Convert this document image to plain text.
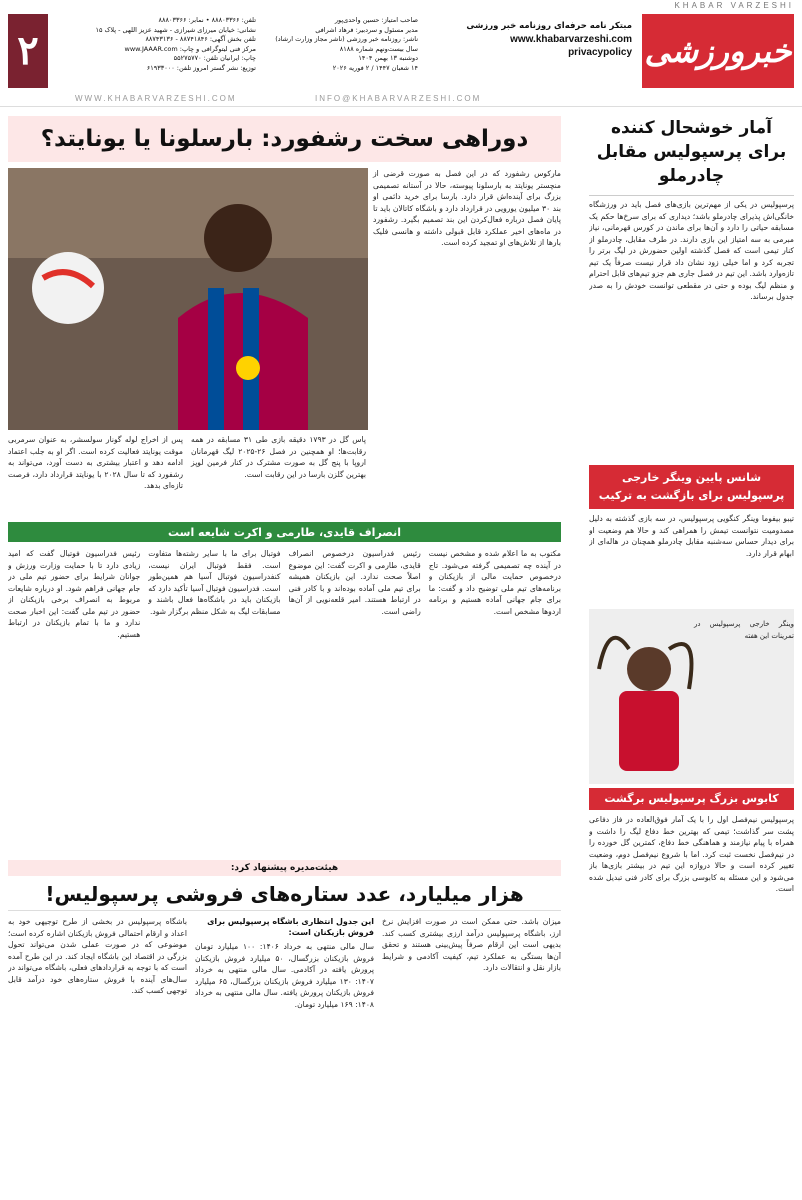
KHABAR VARZESHI
خبرورزشی
مبتکر نامه حرفه‌ای روزنامه خبر ورزشی
www.khabarvarzeshi.com
privacypolicy
صاحب امتیاز: حسین واحدی‌پور
مدیر مسئول و سردبیر: فرهاد اشرافی
ناشر: روزنامه خبر ورزشی (ناشر مجاز وزارت ارشاد)
سال بیست‌ونهم شماره ۸۱۸۸
دوشنبه ۱۳ بهمن ۱۴۰۴
۱۴ شعبان ۱۴۴۷ / ۲ فوریه ۲۰۲۶
تلفن: ۸۸۸۰۳۳۶۶ • نمابر: ۸۸۸۰۳۳۶۶
نشانی: خیابان میرزای شیرازی - شهید عزیز اللهی - پلاک ۱۵
تلفن بخش آگهی: ۸۸۷۴۱۸۴۶ - ۸۸۷۴۳۱۳۶
مرکز فنی لیتوگرافی و چاپ: www.JAAAR.com
چاپ: ایرانیان تلفن: ۵۵۲۷۵۷۷۰
توزیع: نشر گستر امروز تلفن: ۶۱۹۳۳۰۰۰
۲
WWW.KHABARVARZESHI.COM	INFO@KHABARVARZESHI.COM
آمار خوشحال کننده برای پرسپولیس مقابل چادرملو
پرسپولیس در یکی از مهم‌ترین بازی‌های فصل باید در ورزشگاه خانگی‌اش پذیرای چادرملو باشد؛ دیداری که برای سرخ‌ها حکم یک مسابقه حیاتی را دارد و آن‌ها برای ماندن در کورس قهرمانی، نیاز مبرمی به سه امتیاز این بازی دارند. در طرف مقابل، چادرملو از کنار تیمی است که فصل گذشته اولین حضورش در لیگ برتر را تجربه کرد و اما خیلی زود نشان داد قرار نیست صرفاً یک تیم تازه‌وارد باشد. این تیم در فصل جاری هم جزو تیم‌های قابل احترام و منظم لیگ بوده و حتی در مقطعی توانست خودش را به صدر جدول برساند.
شانس پایین وینگر خارجی پرسپولیس برای بازگشت به ترکیب
تیبو بیفوما وینگر کنگویی پرسپولیس، در سه بازی گذشته به دلیل مصدومیت نتوانست تیمش را همراهی کند و حالا هم وضعیت او برای دیدار حساس سه‌شنبه مقابل چادرملو همچنان در هاله‌ای از ابهام قرار دارد.
وینگر خارجی پرسپولیس در تمرینات این هفته
کابوس بزرگ پرسپولیس برگشت
پرسپولیس نیم‌فصل اول را با یک آمار فوق‌العاده در فاز دفاعی پشت سر گذاشت؛ تیمی که بهترین خط دفاع لیگ را داشت و همراه با پیام نیازمند و هماهنگی خط دفاع، کمترین گل خورده را در نیم‌فصل نخست ثبت کرد. اما با شروع نیم‌فصل دوم، وضعیت تغییر کرده است و حالا دروازه این تیم در بیشتر بازی‌ها باز می‌شود و این مسئله به کابوسی بزرگ برای کادر فنی تبدیل شده است.
دوراهی سخت رشفورد: بارسلونا یا یونایتد؟
مارکوس رشفورد که در این فصل به صورت قرضی از منچستر یونایتد به بارسلونا پیوسته، حالا در آستانه تصمیمی بزرگ برای آینده‌اش قرار دارد. بارسا برای خرید دائمی او بند ۳۰ میلیون یورویی در قرارداد دارد و باشگاه کاتالان باید تا پایان فصل درباره فعال‌کردن این بند تصمیم بگیرد. رشفورد در ماه‌های اخیر عملکرد قابل قبولی داشته و هانسی فلیک بارها از تلاش‌های او تمجید کرده است.
پاس گل در ۱۷۹۳ دقیقه بازی طی ۳۱ مسابقه در همه رقابت‌ها؛ او همچنین در فصل ۲۶-۲۰۲۵ لیگ قهرمانان اروپا با پنج گل به صورت مشترک در کنار فرمین لوپز بهترین گلزن بارسا در این رقابت است.
پس از اخراج لوله گونار سولسشر، به عنوان سرمربی موقت یونایتد فعالیت کرده است. اگر او به جلب اعتماد ادامه دهد و اعتبار بیشتری به دست آورد، می‌تواند به رشفورد که تا سال ۲۰۲۸ با یونایتد قرارداد دارد، فرصت تازه‌ای بدهد.
انصراف قایدی، طارمی و اکرت شایعه است
رئیس فدراسیون فوتبال گفت که امید زیادی دارد تا با حمایت وزارت ورزش و جوانان شرایط برای حضور تیم ملی در جام جهانی فراهم شود. او درباره شایعات مربوط به انصراف برخی بازیکنان از حضور در تیم ملی گفت: این اخبار صحت ندارد و ما با تمام بازیکنان در ارتباط هستیم.
فوتبال برای ما با سایر رشته‌ها متفاوت است. فقط فوتبال ایران نیست، کنفدراسیون فوتبال آسیا هم همین‌طور است. فدراسیون فوتبال آسیا تأکید دارد که بازیکنان باید در باشگاه‌ها فعال باشند و مسابقات لیگ به شکل منظم برگزار شود.
رئیس فدراسیون درخصوص انصراف قایدی، طارمی و اکرت گفت: این موضوع اصلاً صحت ندارد. این بازیکنان همیشه برای تیم ملی آماده بوده‌اند و با کادر فنی در ارتباط هستند. امیر قلعه‌نویی از آن‌ها راضی است.
مکتوب به ما اعلام شده و مشخص نیست در آینده چه تصمیمی گرفته می‌شود. تاج درخصوص حمایت مالی از بازیکنان و برنامه‌های تیم ملی توضیح داد و گفت: ما برای جام جهانی آماده هستیم و برنامه اردوها مشخص است.
هیئت‌مدیره پیشنهاد کرد:
هزار میلیارد، عدد ستاره‌های فروشی پرسپولیس!
باشگاه پرسپولیس در بخشی از طرح توجیهی خود به اعداد و ارقام احتمالی فروش بازیکنان اشاره کرده است؛ موضوعی که در صورت عملی شدن می‌تواند تحول بزرگی در اقتصاد این باشگاه ایجاد کند. در این طرح آمده است که با توجه به قراردادهای فعلی، باشگاه می‌تواند در سال‌های آینده با فروش ستاره‌های خود درآمد قابل توجهی کسب کند.
این جدول انتظاری باشگاه پرسپولیس برای فروش بازیکنان است:
سال مالی منتهی به خرداد ۱۴۰۶: ۱۰۰ میلیارد تومان فروش بازیکنان بزرگسال، ۵۰ میلیارد فروش بازیکنان پرورش یافته در آکادمی. سال مالی منتهی به خرداد ۱۴۰۷: ۱۳۰ میلیارد فروش بازیکنان بزرگسال، ۶۵ میلیارد فروش بازیکنان پرورش یافته. سال مالی منتهی به خرداد ۱۴۰۸: ۱۶۹ میلیارد تومان.
میزان باشد. حتی ممکن است در صورت افزایش نرخ ارز، باشگاه پرسپولیس درآمد ارزی بیشتری کسب کند. بدیهی است این ارقام صرفاً پیش‌بینی هستند و تحقق آن‌ها بستگی به عملکرد تیم، کیفیت آکادمی و شرایط بازار نقل و انتقالات دارد.
